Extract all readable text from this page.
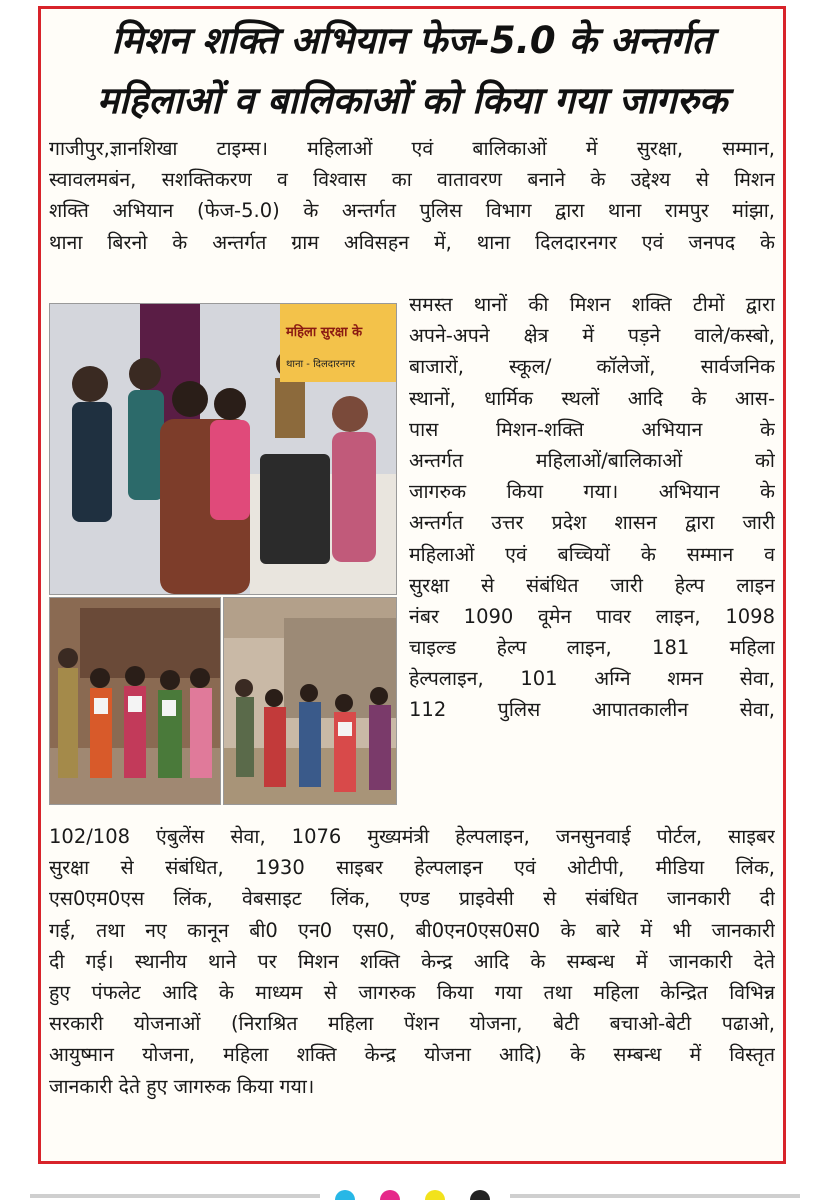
मिशन शक्ति अभियान फेज-5.0 के अन्तर्गत
महिलाओं व बालिकाओं को किया गया जागरुक
गाजीपुर,ज्ञानशिखा टाइम्स। महिलाओं एवं बालिकाओं में सुरक्षा, सम्मान,
स्वावलमबंन, सशक्तिकरण व विश्वास का वातावरण बनाने के उद्देश्य से मिशन
शक्ति अभियान (फेज-5.0) के अन्तर्गत पुलिस विभाग द्वारा थाना रामपुर मांझा,
थाना बिरनो के अन्तर्गत ग्राम अविसहन में, थाना दिलदारनगर एवं जनपद के
महिला सुरक्षा के
थाना - दिलदारनगर
समस्त थानों की मिशन शक्ति टीमों द्वारा
अपने-अपने क्षेत्र में पड़ने वाले/कस्बो,
बाजारों, स्कूल/ कॉलेजों, सार्वजनिक
स्थानों, धार्मिक स्थलों आदि के आस-
पास मिशन-शक्ति अभियान के
अन्तर्गत महिलाओं/बालिकाओं को
जागरुक किया गया। अभियान के
अन्तर्गत उत्तर प्रदेश शासन द्वारा जारी
महिलाओं एवं बच्चियों के सम्मान व
सुरक्षा से संबंधित जारी हेल्प लाइन
नंबर 1090 वूमेन पावर लाइन, 1098
चाइल्ड हेल्प लाइन, 181 महिला
हेल्पलाइन, 101 अग्नि शमन सेवा,
112 पुलिस आपातकालीन सेवा,
102/108 एंबुलेंस सेवा, 1076 मुख्यमंत्री हेल्पलाइन, जनसुनवाई पोर्टल, साइबर
सुरक्षा से संबंधित, 1930 साइबर हेल्पलाइन एवं ओटीपी, मीडिया लिंक,
एस0एम0एस लिंक, वेबसाइट लिंक, एण्ड प्राइवेसी से संबंधित जानकारी दी
गई, तथा नए कानून बी0 एन0 एस0, बी0एन0एस0स0 के बारे में भी जानकारी
दी गई। स्थानीय थाने पर मिशन शक्ति केन्द्र आदि के सम्बन्ध में जानकारी देते
हुए पंफलेट आदि के माध्यम से जागरुक किया गया तथा महिला केन्द्रित विभिन्न
सरकारी योजनाओं (निराश्रित महिला पेंशन योजना, बेटी बचाओ-बेटी पढाओ,
आयुष्मान योजना, महिला शक्ति केन्द्र योजना आदि) के सम्बन्ध में विस्तृत
जानकारी देते हुए जागरुक किया गया।
